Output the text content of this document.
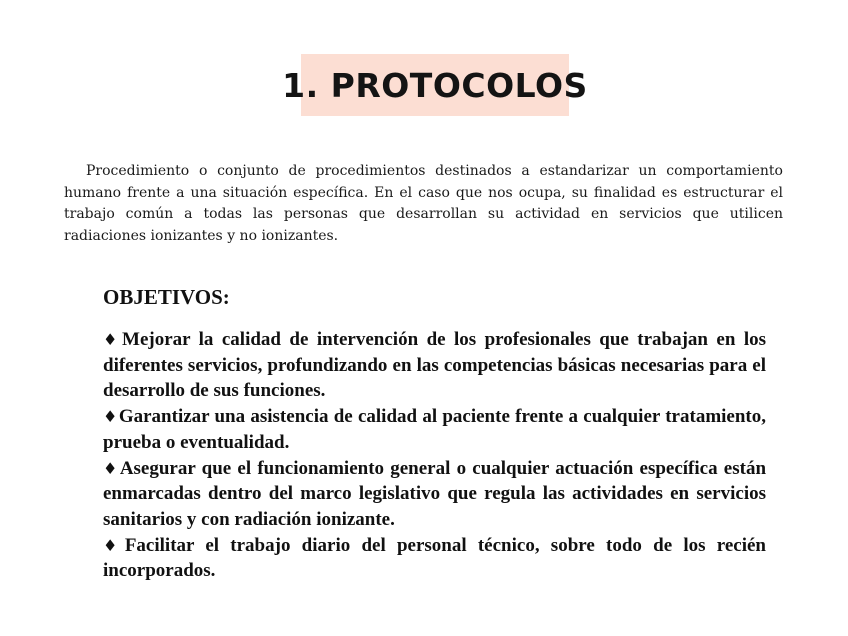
1. PROTOCOLOS

Procedimiento o conjunto de procedimientos destinados a estandarizar un comportamiento humano frente a una situación específica. En el caso que nos ocupa, su finalidad es estructurar el trabajo común a todas las personas que desarrollan su actividad en servicios que utilicen radiaciones ionizantes y no ionizantes.

OBJETIVOS:
♦Mejorar la calidad de intervención de los profesionales que trabajan en los diferentes servicios, profundizando en las competencias básicas necesarias para el desarrollo de sus funciones.
♦Garantizar una asistencia de calidad al paciente frente a cualquier tratamiento, prueba o eventualidad.
♦Asegurar que el funcionamiento general o cualquier actuación específica están enmarcadas dentro del marco legislativo que regula las actividades en servicios sanitarios y con radiación ionizante.
♦Facilitar el trabajo diario del personal técnico, sobre todo de los recién incorporados.
